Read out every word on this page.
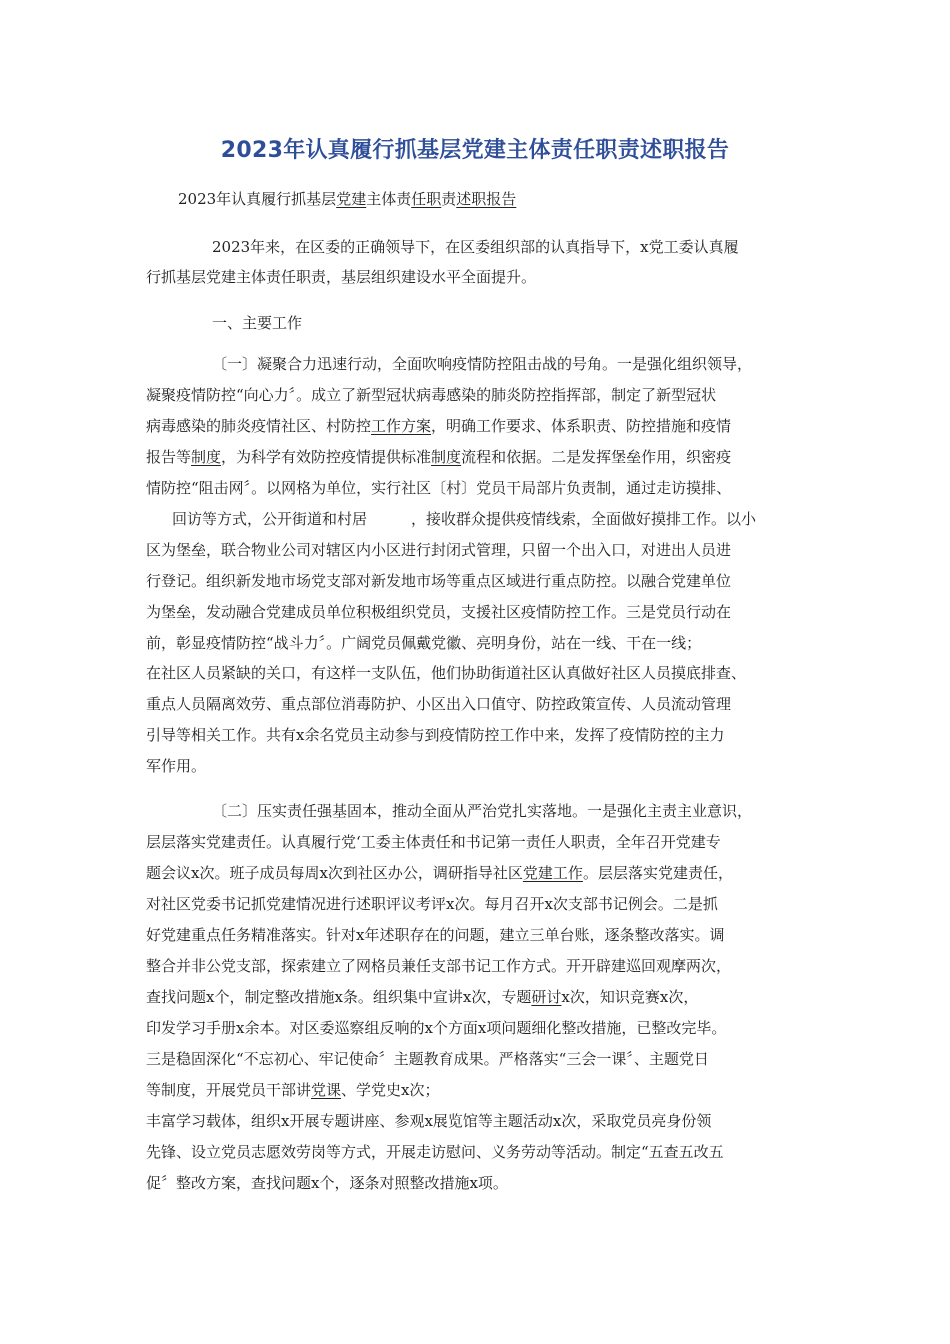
2023年认真履行抓基层党建主体责任职责述职报告
2023年认真履行抓基层党建主体责任职责述职报告
2023年来，在区委的正确领导下，在区委组织部的认真指导下，x党工委认真履
行抓基层党建主体责任职责，基层组织建设水平全面提升。
一、主要工作
〔一〕凝聚合力迅速行动，全面吹响疫情防控阻击战的号角。一是强化组织领导，
凝聚疫情防控“向心力〞。成立了新型冠状病毒感染的肺炎防控指挥部，制定了新型冠状
病毒感染的肺炎疫情社区、村防控工作方案，明确工作要求、体系职责、防控措施和疫情
报告等制度，为科学有效防控疫情提供标准制度流程和依据。二是发挥堡垒作用，织密疫
情防控“阻击网〞。以网格为单位，实行社区〔村〕党员干局部片负责制，通过走访摸排、
回访等方式，公开街道和村居	，接收群众提供疫情线索，全面做好摸排工作。以小
区为堡垒，联合物业公司对辖区内小区进行封闭式管理，只留一个出入口，对进出人员进
行登记。组织新发地市场党支部对新发地市场等重点区域进行重点防控。以融合党建单位
为堡垒，发动融合党建成员单位积极组织党员，支援社区疫情防控工作。三是党员行动在
前，彰显疫情防控“战斗力〞。广阔党员佩戴党徽、亮明身份，站在一线、干在一线；
在社区人员紧缺的关口，有这样一支队伍，他们协助街道社区认真做好社区人员摸底排查、
重点人员隔离效劳、重点部位消毒防护、小区出入口值守、防控政策宣传、人员流动管理
引导等相关工作。共有x余名党员主动参与到疫情防控工作中来，发挥了疫情防控的主力
军作用。
〔二〕压实责任强基固本，推动全面从严治党扎实落地。一是强化主责主业意识，
层层落实党建责任。认真履行党‘工委主体责任和书记第一责任人职责，全年召开党建专
题会议x次。班子成员每周x次到社区办公，调研指导社区党建工作。层层落实党建责任，
对社区党委书记抓党建情况进行述职评议考评x次。每月召开x次支部书记例会。二是抓
好党建重点任务精准落实。针对x年述职存在的问题，建立三单台账，逐条整改落实。调
整合并非公党支部，探索建立了网格员兼任支部书记工作方式。开开辟建巡回观摩两次，
查找问题x个，制定整改措施x条。组织集中宣讲x次，专题研讨x次，知识竞赛x次，
印发学习手册x余本。对区委巡察组反响的x个方面x项问题细化整改措施，已整改完毕。
三是稳固深化“不忘初心、牢记使命〞主题教育成果。严格落实“三会一课〞、主题党日
等制度，开展党员干部讲党课、学党史x次；
丰富学习载体，组织x开展专题讲座、参观x展览馆等主题活动x次，采取党员亮身份领
先锋、设立党员志愿效劳岗等方式，开展走访慰问、义务劳动等活动。制定“五查五改五
促〞整改方案，查找问题x个，逐条对照整改措施x项。
